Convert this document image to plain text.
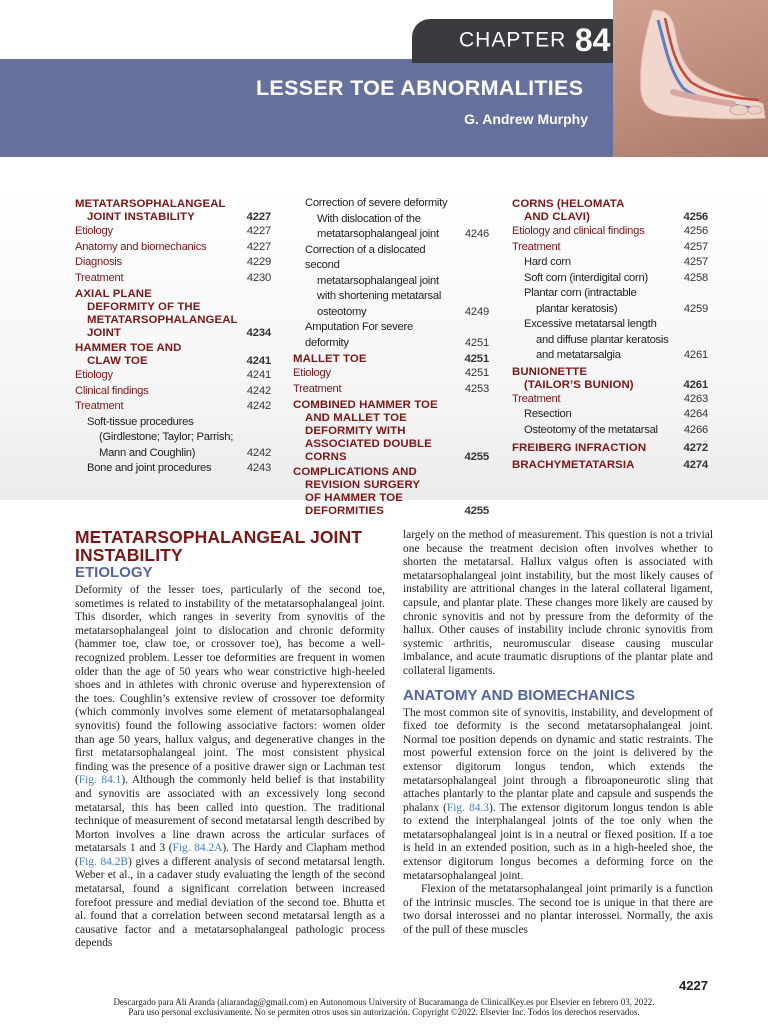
CHAPTER 84
LESSER TOE ABNORMALITIES
G. Andrew Murphy
METATARSOPHALANGEAL
JOINT INSTABILITY	4227
Etiology	4227
Anatomy and biomechanics	4227
Diagnosis	4229
Treatment	4230
AXIAL PLANE
DEFORMITY OF THE
METATARSOPHALANGEAL
JOINT	4234
HAMMER TOE AND
CLAW TOE	4241
Etiology	4241
Clinical findings	4242
Treatment	4242
Soft-tissue procedures
(Girdlestone; Taylor; Parrish;
Mann and Coughlin)	4242
Bone and joint procedures	4243
Correction of severe deformity
With dislocation of the
metatarsophalangeal joint	4246
Correction of a dislocated second
metatarsophalangeal joint
with shortening metatarsal
osteotomy	4249
Amputation For severe deformity	4251
MALLET TOE	4251
Etiology	4251
Treatment	4253
COMBINED HAMMER TOE
AND MALLET TOE
DEFORMITY WITH
ASSOCIATED DOUBLE
CORNS	4255
COMPLICATIONS AND
REVISION SURGERY
OF HAMMER TOE
DEFORMITIES	4255
CORNS (HELOMATA
AND CLAVI)	4256
Etiology and clinical findings	4256
Treatment	4257
Hard corn	4257
Soft corn (interdigital corn)	4258
Plantar corn (intractable
plantar keratosis)	4259
Excessive metatarsal length
and diffuse plantar keratosis
and metatarsalgia	4261
BUNIONETTE
(TAILOR’S BUNION)	4261
Treatment	4263
Resection	4264
Osteotomy of the metatarsal	4266
FREIBERG INFRACTION	4272
BRACHYMETATARSIA	4274
METATARSOPHALANGEAL JOINT INSTABILITY
ETIOLOGY

Deformity of the lesser toes, particularly of the second toe, sometimes is related to instability of the metatarsophalangeal joint. This disorder, which ranges in severity from synovitis of the metatarsophalangeal joint to dislocation and chronic deformity (hammer toe, claw toe, or crossover toe), has become a well-recognized problem. Lesser toe deformities are frequent in women older than the age of 50 years who wear constrictive high-heeled shoes and in athletes with chronic overuse and hyperextension of the toes. Coughlin’s extensive review of crossover toe deformity (which commonly involves some element of metatarsophalangeal synovitis) found the following associative factors: women older than age 50 years, hallux valgus, and degenerative changes in the first metatarsophalangeal joint. The most consistent physical finding was the presence of a positive drawer sign or Lachman test (Fig. 84.1). Although the commonly held belief is that instability and synovitis are associated with an excessively long second metatarsal, this has been called into question. The traditional technique of measurement of second metatarsal length described by Morton involves a line drawn across the articular surfaces of metatarsals 1 and 3 (Fig. 84.2A). The Hardy and Clapham method (Fig. 84.2B) gives a different analysis of second metatarsal length. Weber et al., in a cadaver study evaluating the length of the second metatarsal, found a significant correlation between increased forefoot pressure and medial deviation of the second toe. Bhutta et al. found that a correlation between second metatarsal length as a causative factor and a metatarsophalangeal pathologic process depends

largely on the method of measurement. This question is not a trivial one because the treatment decision often involves whether to shorten the metatarsal. Hallux valgus often is associated with metatarsophalangeal joint instability, but the most likely causes of instability are attritional changes in the lateral collateral ligament, capsule, and plantar plate. These changes more likely are caused by chronic synovitis and not by pressure from the deformity of the hallux. Other causes of instability include chronic synovitis from systemic arthritis, neuromuscular disease causing muscular imbalance, and acute traumatic disruptions of the plantar plate and collateral ligaments.

ANATOMY AND BIOMECHANICS

The most common site of synovitis, instability, and development of fixed toe deformity is the second metatarsophalangeal joint. Normal toe position depends on dynamic and static restraints. The most powerful extension force on the joint is delivered by the extensor digitorum longus tendon, which extends the metatarsophalangeal joint through a fibroaponeurotic sling that attaches plantarly to the plantar plate and capsule and suspends the phalanx (Fig. 84.3). The extensor digitorum longus tendon is able to extend the interphalangeal joints of the toe only when the metatarsophalangeal joint is in a neutral or flexed position. If a toe is held in an extended position, such as in a high-heeled shoe, the extensor digitorum longus becomes a deforming force on the metatarsophalangeal joint.

Flexion of the metatarsophalangeal joint primarily is a function of the intrinsic muscles. The second toe is unique in that there are two dorsal interossei and no plantar interossei. Normally, the axis of the pull of these muscles

4227
Descargado para Ali Aranda (aliarandag@gmail.com) en Autonomous University of Bucaramanga de ClinicalKey.es por Elsevier en febrero 03, 2022.
Para uso personal exclusivamente. No se permiten otros usos sin autorización. Copyright ©2022. Elsevier Inc. Todos los derechos reservados.
